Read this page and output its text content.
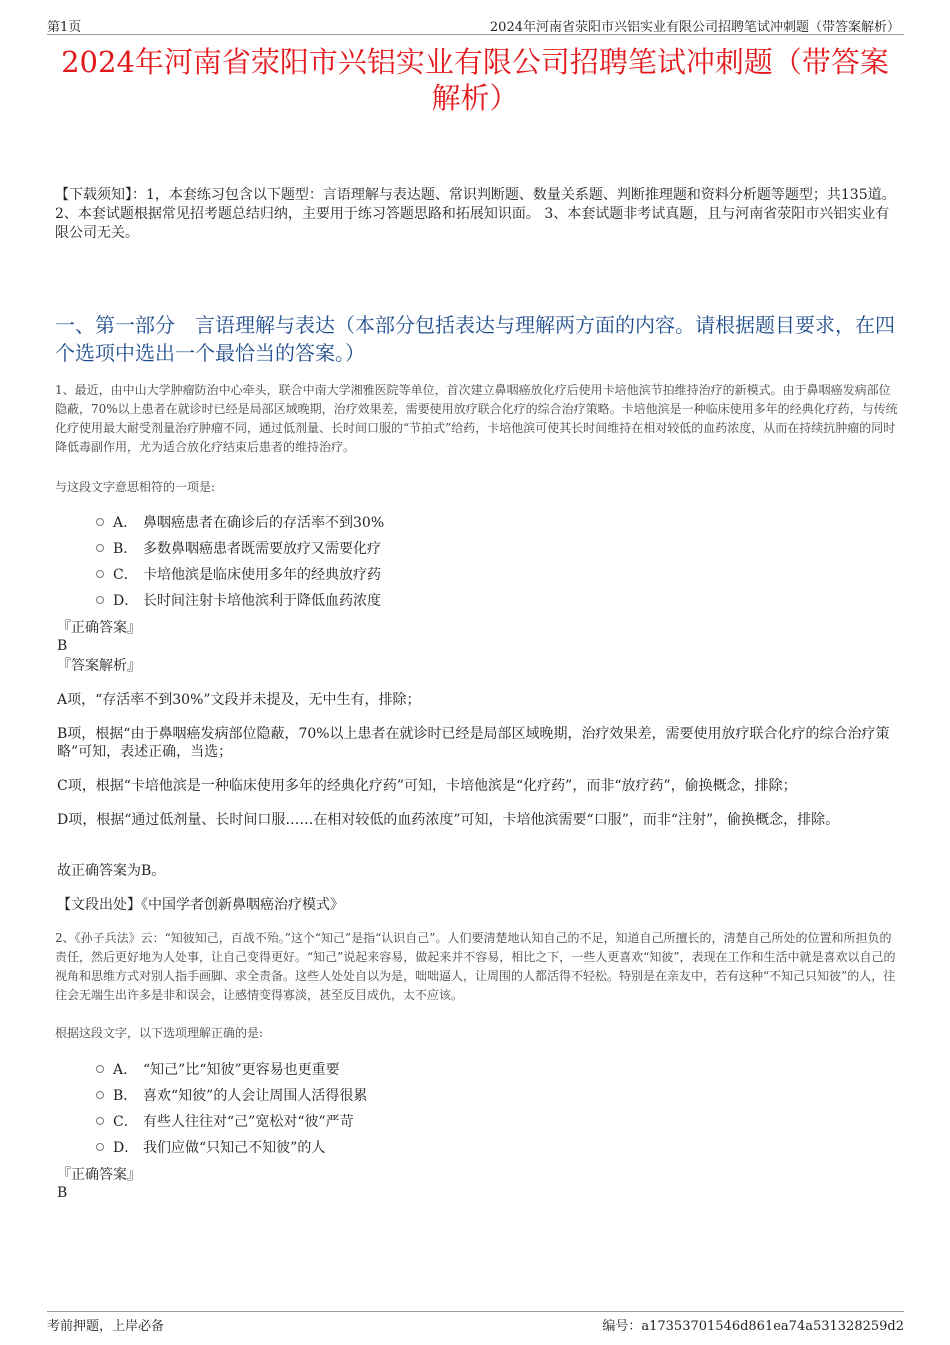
第1页	2024年河南省荥阳市兴铝实业有限公司招聘笔试冲刺题（带答案解析）
2024年河南省荥阳市兴铝实业有限公司招聘笔试冲刺题（带答案解析）
【下载须知】：1，本套练习包含以下题型：言语理解与表达题、常识判断题、数量关系题、判断推理题和资料分析题等题型；共135道。 2、本套试题根据常见招考题总结归纳，主要用于练习答题思路和拓展知识面。 3、本套试题非考试真题，且与河南省荥阳市兴铝实业有限公司无关。
一、第一部分　言语理解与表达（本部分包括表达与理解两方面的内容。请根据题目要求，在四个选项中选出一个最恰当的答案。）

1、最近，由中山大学肿瘤防治中心牵头，联合中南大学湘雅医院等单位，首次建立鼻咽癌放化疗后使用卡培他滨节拍维持治疗的新模式。由于鼻咽癌发病部位隐蔽，70%以上患者在就诊时已经是局部区域晚期，治疗效果差，需要使用放疗联合化疗的综合治疗策略。卡培他滨是一种临床使用多年的经典化疗药，与传统化疗使用最大耐受剂量治疗肿瘤不同，通过低剂量、长时间口服的“节拍式”给药，卡培他滨可使其长时间维持在相对较低的血药浓度，从而在持续抗肿瘤的同时降低毒副作用，尤为适合放化疗结束后患者的维持治疗。

与这段文字意思相符的一项是:

A． 鼻咽癌患者在确诊后的存活率不到30%
B． 多数鼻咽癌患者既需要放疗又需要化疗
C． 卡培他滨是临床使用多年的经典放疗药
D． 长时间注射卡培他滨利于降低血药浓度
『正确答案』
B
『答案解析』

A项，“存活率不到30%”文段并未提及，无中生有，排除；

B项，根据“由于鼻咽癌发病部位隐蔽，70%以上患者在就诊时已经是局部区域晚期，治疗效果差，需要使用放疗联合化疗的综合治疗策略”可知，表述正确，当选；

C项，根据“卡培他滨是一种临床使用多年的经典化疗药”可知，卡培他滨是“化疗药”，而非“放疗药”，偷换概念，排除；

D项，根据“通过低剂量、长时间口服……在相对较低的血药浓度”可知，卡培他滨需要“口服”，而非“注射”，偷换概念，排除。

故正确答案为B。

【文段出处】《中国学者创新鼻咽癌治疗模式》

2、《孙子兵法》云：“知彼知己，百战不殆。”这个“知己”是指“认识自己”。人们要清楚地认知自己的不足，知道自己所擅长的，清楚自己所处的位置和所担负的责任，然后更好地为人处事，让自己变得更好。“知己”说起来容易，做起来并不容易，相比之下，一些人更喜欢“知彼”，表现在工作和生活中就是喜欢以自己的视角和思维方式对别人指手画脚、求全责备。这些人处处自以为是，咄咄逼人，让周围的人都活得不轻松。特别是在亲友中，若有这种“不知己只知彼”的人，往往会无端生出许多是非和误会，让感情变得寡淡，甚至反目成仇，太不应该。

根据这段文字，以下选项理解正确的是:

A． “知己”比“知彼”更容易也更重要
B． 喜欢“知彼”的人会让周围人活得很累
C． 有些人往往对“己”宽松对“彼”严苛
D． 我们应做“只知己不知彼”的人
『正确答案』
B
考前押题，上岸必备	编号：a17353701546d861ea74a531328259d2
